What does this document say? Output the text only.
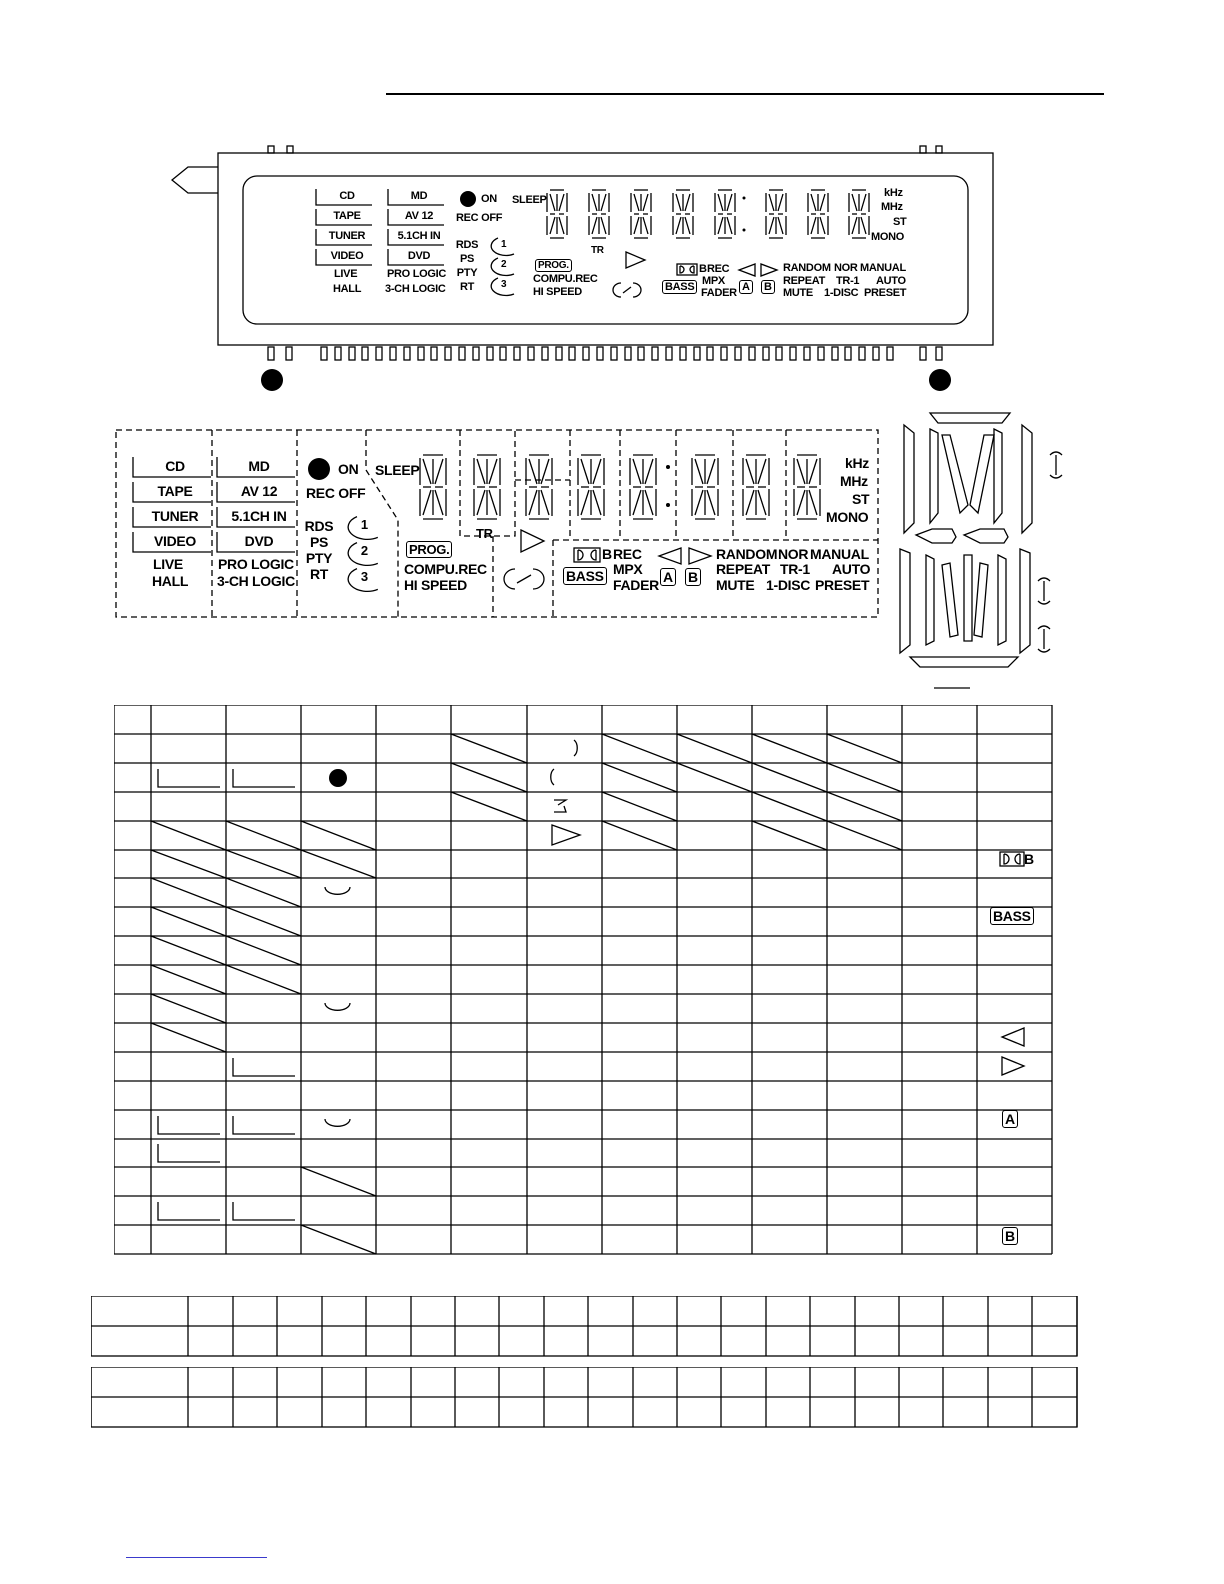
CD
TAPE
TUNER
VIDEO
MD
AV 12
5.1CH IN
DVD
LIVE
HALL
PRO LOGIC
3-CH LOGIC
ON
REC OFF
RDS
PS
PTY
RT
1
2
3
SLEEP
TR
PROG.
COMPU.REC
HI SPEED
B REC
MPX
FADER
BASS	A B
RANDOM NOR MANUAL
REPEAT TR-1 AUTO
MUTE 1-DISC PRESET
kHz
MHz
ST
MONO
CD
TAPE
TUNER
VIDEO
MD
AV 12
5.1CH IN
DVD
LIVE
HALL
PRO LOGIC
3-CH LOGIC
ON
REC OFF
RDS
PS
PTY
RT
1
2
3
SLEEP
TR
PROG.
COMPU.REC
HI SPEED
B REC
MPX
FADER
BASS	A B
RANDOM NOR MANUAL
REPEAT TR-1 AUTO
MUTE 1-DISC PRESET
kHz
MHz
ST
MONO
B
BASS
A
B
